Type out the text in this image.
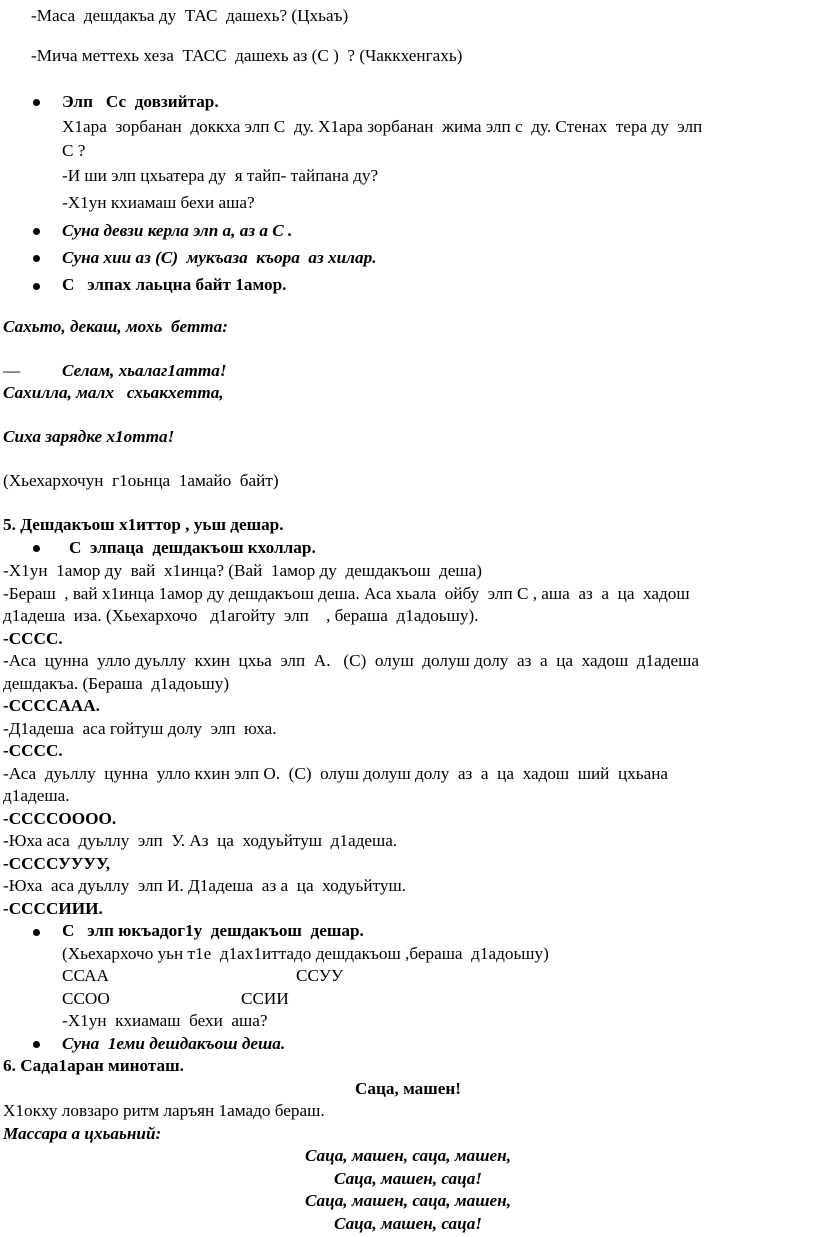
-Маса  дешдакъа ду  ТАС  дашехь? (Цхьаъ)
-Мича меттехь хеза  ТАСС  дашехь аз (С )  ? (Чаккхенгахь)
Элп   Сс  довзийтар.
Х1ара  зорбанан  доккха элп С  ду. Х1ара зорбанан  жима элп с  ду. Стенах  тера ду  элп
С ?
-И ши элп цхьатера ду  я тайп- тайпана ду?
-Х1ун кхиамаш бехи аша?
Суна девзи керла элп а, аз а С .
Суна хии аз (С)  мукъаза  къора  аз хилар.
С   элпах лаьцна байт 1амор.
Сахьто, декаш, мохь  бетта:
— Селам, хьалаг1атта!
Сахилла, малх   схьакхетта,
Сиха зарядке х1отта!
(Хьехархочун  г1оьнца  1амайо  байт)
5. Дешдакъош х1иттор , уьш дешар.
С  элпаца  дешдакъош кхоллар.
-Х1ун  1амор ду  вай  х1инца? (Вай  1амор ду  дешдакъош  деша)
-Бераш  , вай х1инца 1амор ду дешдакъош деша. Аса хьала  ойбу  элп С , аша  аз  а  ца  хадош
д1адеша  иза. (Хьехархочо   д1агойту  элп    , бераша  д1адоьшу).
-СССС.
-Аса  цунна  улло дуьллу  кхин  цхьа  элп  А.   (С)  олуш  долуш долу  аз  а  ца  хадош  д1адеша
дешдакъа. (Бераша  д1адоьшу)
-СССCААА.
-Д1адеша  аса гойтуш долу  элп  юха.
-СССС.
-Аса  дуьллу  цунна  улло кхин элп О.  (С)  олуш долуш долу  аз  а  ца  хадош  ший  цхьана
д1адеша.
-ССССОООО.
-Юха аса  дуьллу  элп  У. Аз  ца  ходуьйтуш  д1адеша.
-ССССУУУУ,
-Юха  аса дуьллу  элп И. Д1адеша  аз а  ца  ходуьйтуш.
-ССССИИИ.
С   элп юкъадог1у  дешдакъош  дешар.
(Хьехархочо уьн т1е  д1ах1иттадо дешдакъош ,бераша  д1адоьшу)
ССАА	ССУУ
ССОО	ССИИ
-Х1ун  кхиамаш  бехи  аша?
Суна  1еми дешдакъош деша.
6. Сада1аран миноташ.
Саца, машен!
Х1окху ловзаро ритм ларъян 1амадо бераш.
Массара а цхьаьний:
Саца, машен, саца, машен,
Саца, машен, саца!
Саца, машен, саца, машен,
Саца, машен, саца!
